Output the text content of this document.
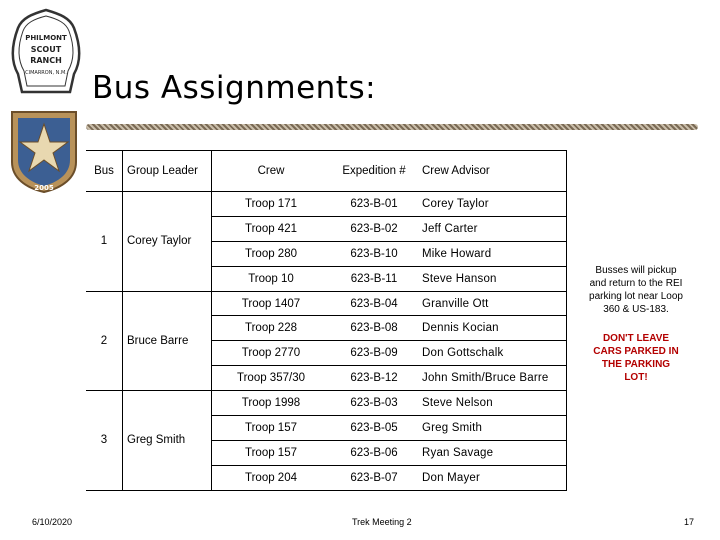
PHILMONT
SCOUT
RANCH
CIMARRON, N.M.
2005
Bus Assignments:
Bus	Group Leader	Crew	Expedition #	Crew Advisor
1	Corey Taylor	Troop 171	623-B-01	Corey Taylor
		Troop 421	623-B-02	Jeff Carter
		Troop 280	623-B-10	Mike Howard
		Troop 10	623-B-11	Steve Hanson
2	Bruce Barre	Troop 1407	623-B-04	Granville Ott
		Troop 228	623-B-08	Dennis Kocian
		Troop 2770	623-B-09	Don Gottschalk
		Troop 357/30	623-B-12	John Smith/Bruce Barre
3	Greg Smith	Troop 1998	623-B-03	Steve Nelson
		Troop 157	623-B-05	Greg Smith
		Troop 157	623-B-06	Ryan Savage
		Troop 204	623-B-07	Don Mayer
Busses will pickup and return to the REI parking lot near Loop 360 & US-183.
DON'T LEAVE CARS PARKED IN THE PARKING LOT!
6/10/2020	Trek Meeting 2	17
